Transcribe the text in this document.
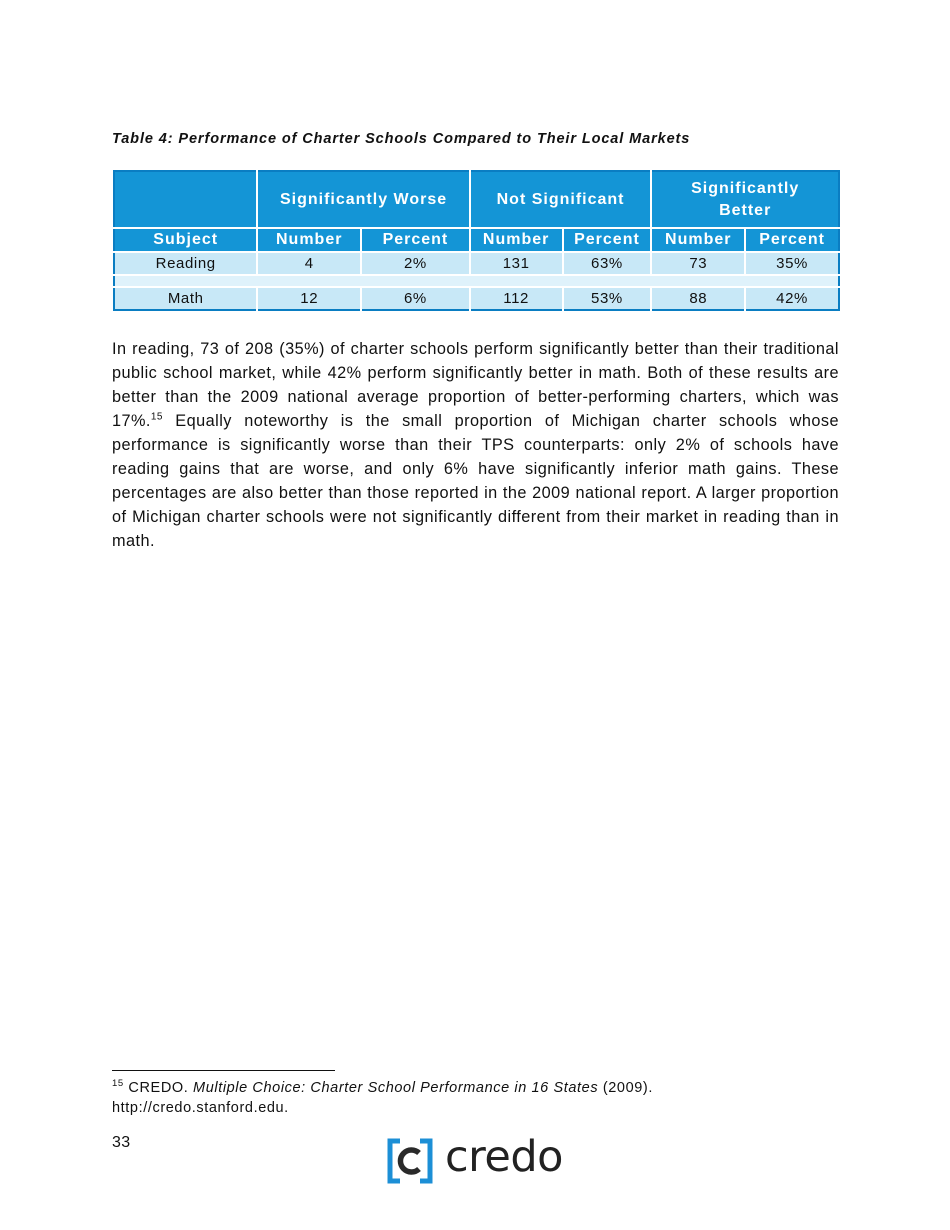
Table 4: Performance of Charter Schools Compared to Their Local Markets
	Significantly Worse		Not Significant		Significantly Better	

Subject	Number	Percent	Number	Percent	Number	Percent
Reading	4	2%	131	63%	73	35%

Math	12	6%	112	53%	88	42%
In reading, 73 of 208 (35%) of charter schools perform significantly better than their traditional public school market, while 42% perform significantly better in math. Both of these results are better than the 2009 national average proportion of better-performing charters, which was 17%.$^{15}$ Equally noteworthy is the small proportion of Michigan charter schools whose performance is significantly worse than their TPS counterparts: only 2% of schools have reading gains that are worse, and only 6% have significantly inferior math gains. These percentages are also better than those reported in the 2009 national report. A larger proportion of Michigan charter schools were not significantly different from their market in reading than in math.
$^{15}$ CREDO. Multiple Choice: Charter School Performance in 16 States (2009).
http://credo.stanford.edu.
33	credo
